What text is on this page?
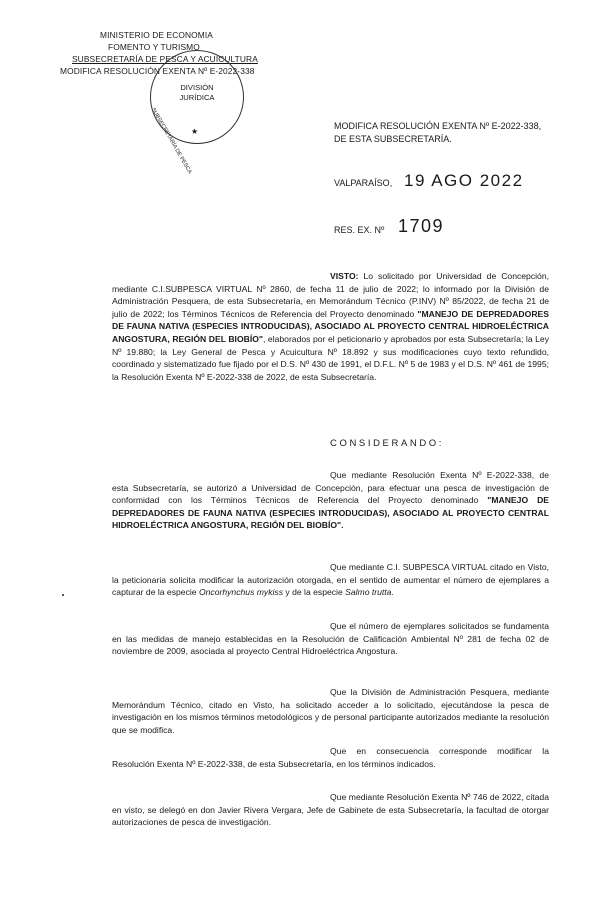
MINISTERIO DE ECONOMIA
FOMENTO Y TURISMO
SUBSECRETARÍA DE PESCA Y ACUICULTURA
MODIFICA RESOLUCIÓN EXENTA Nº E-2022-338
DIVISIÓN
JURÍDICA
SUBSECRETARÍA DE PESCA
★
MODIFICA RESOLUCIÓN EXENTA Nº E-2022-338,
DE ESTA SUBSECRETARÍA.
VALPARAÍSO, 19 AGO 2022
RES. EX. Nº 1709
VISTO: Lo solicitado por Universidad de Concepción, mediante C.I.SUBPESCA VIRTUAL Nº 2860, de fecha 11 de julio de 2022; lo informado por la División de Administración Pesquera, de esta Subsecretaría, en Memorándum Técnico (P.INV) Nº 85/2022, de fecha 21 de julio de 2022; los Términos Técnicos de Referencia del Proyecto denominado "MANEJO DE DEPREDADORES DE FAUNA NATIVA (ESPECIES INTRODUCIDAS), ASOCIADO AL PROYECTO CENTRAL HIDROELÉCTRICA ANGOSTURA, REGIÓN DEL BIOBÍO", elaborados por el peticionario y aprobados por esta Subsecretaría; la Ley Nº 19.880; la Ley General de Pesca y Acuicultura Nº 18.892 y sus modificaciones cuyo texto refundido, coordinado y sistematizado fue fijado por el D.S. Nº 430 de 1991, el D.F.L. Nº 5 de 1983 y el D.S. Nº 461 de 1995; la Resolución Exenta Nº E-2022-338 de 2022, de esta Subsecretaría.
CONSIDERANDO:
Que mediante Resolución Exenta Nº E-2022-338, de esta Subsecretaría, se autorizó a Universidad de Concepción, para efectuar una pesca de investigación de conformidad con los Términos Técnicos de Referencia del Proyecto denominado "MANEJO DE DEPREDADORES DE FAUNA NATIVA (ESPECIES INTRODUCIDAS), ASOCIADO AL PROYECTO CENTRAL HIDROELÉCTRICA ANGOSTURA, REGIÓN DEL BIOBÍO".
Que mediante C.I. SUBPESCA VIRTUAL citado en Visto, la peticionaria solicita modificar la autorización otorgada, en el sentido de aumentar el número de ejemplares a capturar de la especie Oncorhynchus mykiss y de la especie Salmo trutta.
Que el número de ejemplares solicitados se fundamenta en las medidas de manejo establecidas en la Resolución de Calificación Ambiental Nº 281 de fecha 02 de noviembre de 2009, asociada al proyecto Central Hidroeléctrica Angostura.
Que la División de Administración Pesquera, mediante Memorándum Técnico, citado en Visto, ha solicitado acceder a lo solicitado, ejecutándose la pesca de investigación en los mismos términos metodológicos y de personal participante autorizados mediante la resolución que se modifica.
Que en consecuencia corresponde modificar la Resolución Exenta Nº E-2022-338, de esta Subsecretaría, en los términos indicados.
Que mediante Resolución Exenta Nº 746 de 2022, citada en visto, se delegó en don Javier Rivera Vergara, Jefe de Gabinete de esta Subsecretaría, la facultad de otorgar autorizaciones de pesca de investigación.
